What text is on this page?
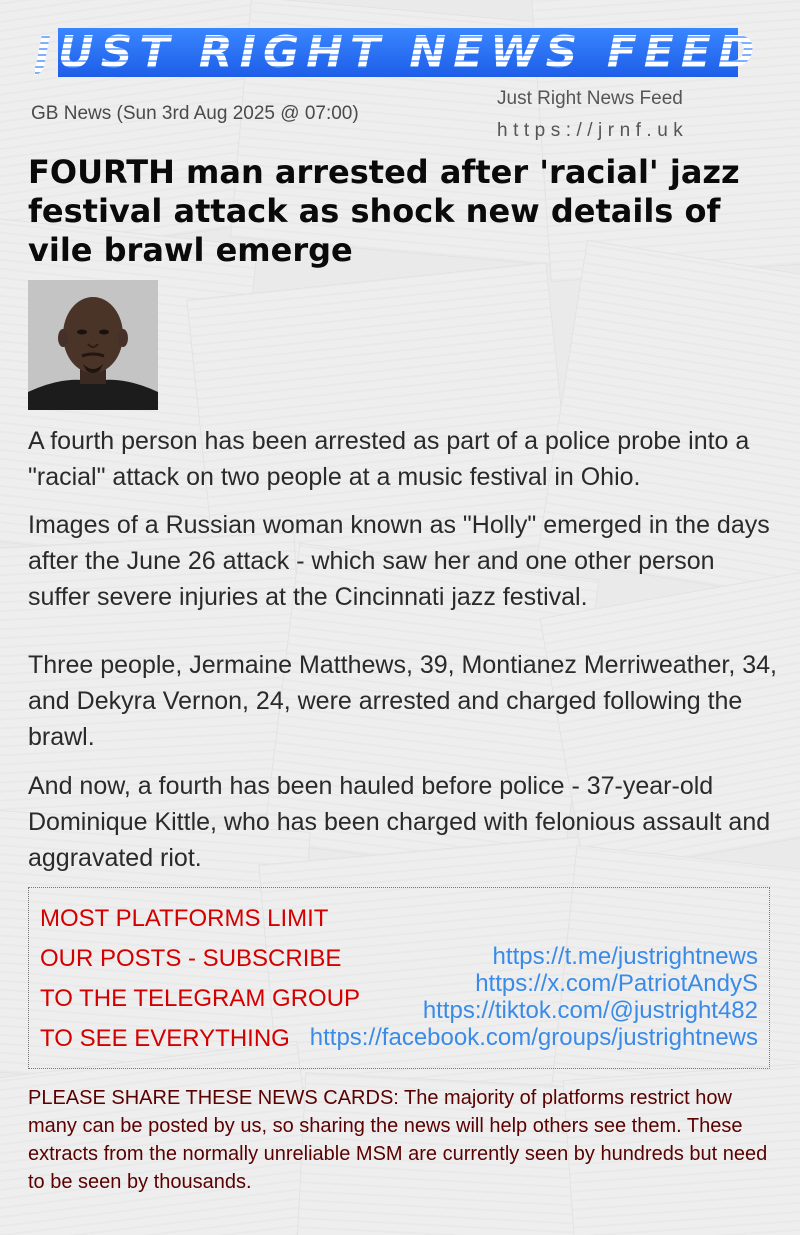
JUST RIGHT NEWS FEED
GB News (Sun 3rd Aug 2025 @ 07:00)
Just Right News Feed
https://jrnf.uk
FOURTH man arrested after 'racial' jazz festival attack as shock new details of vile brawl emerge

A fourth person has been arrested as part of a police probe into a "racial" attack on two people at a music festival in Ohio.

Images of a Russian woman known as "Holly" emerged in the days after the June 26 attack - which saw her and one other person suffer severe injuries at the Cincinnati jazz festival.

Three people, Jermaine Matthews, 39, Montianez Merriweather, 34, and Dekyra Vernon, 24, were arrested and charged following the brawl.

And now, a fourth has been hauled before police - 37-year-old Dominique Kittle, who has been charged with felonious assault and aggravated riot.

MOST PLATFORMS LIMIT
OUR POSTS - SUBSCRIBE
TO THE TELEGRAM GROUP
TO SEE EVERYTHING
https://t.me/justrightnews
https://x.com/PatriotAndyS
https://tiktok.com/@justright482
https://facebook.com/groups/justrightnews

PLEASE SHARE THESE NEWS CARDS: The majority of platforms restrict how many can be posted by us, so sharing the news will help others see them. These extracts from the normally unreliable MSM are currently seen by hundreds but need to be seen by thousands.
